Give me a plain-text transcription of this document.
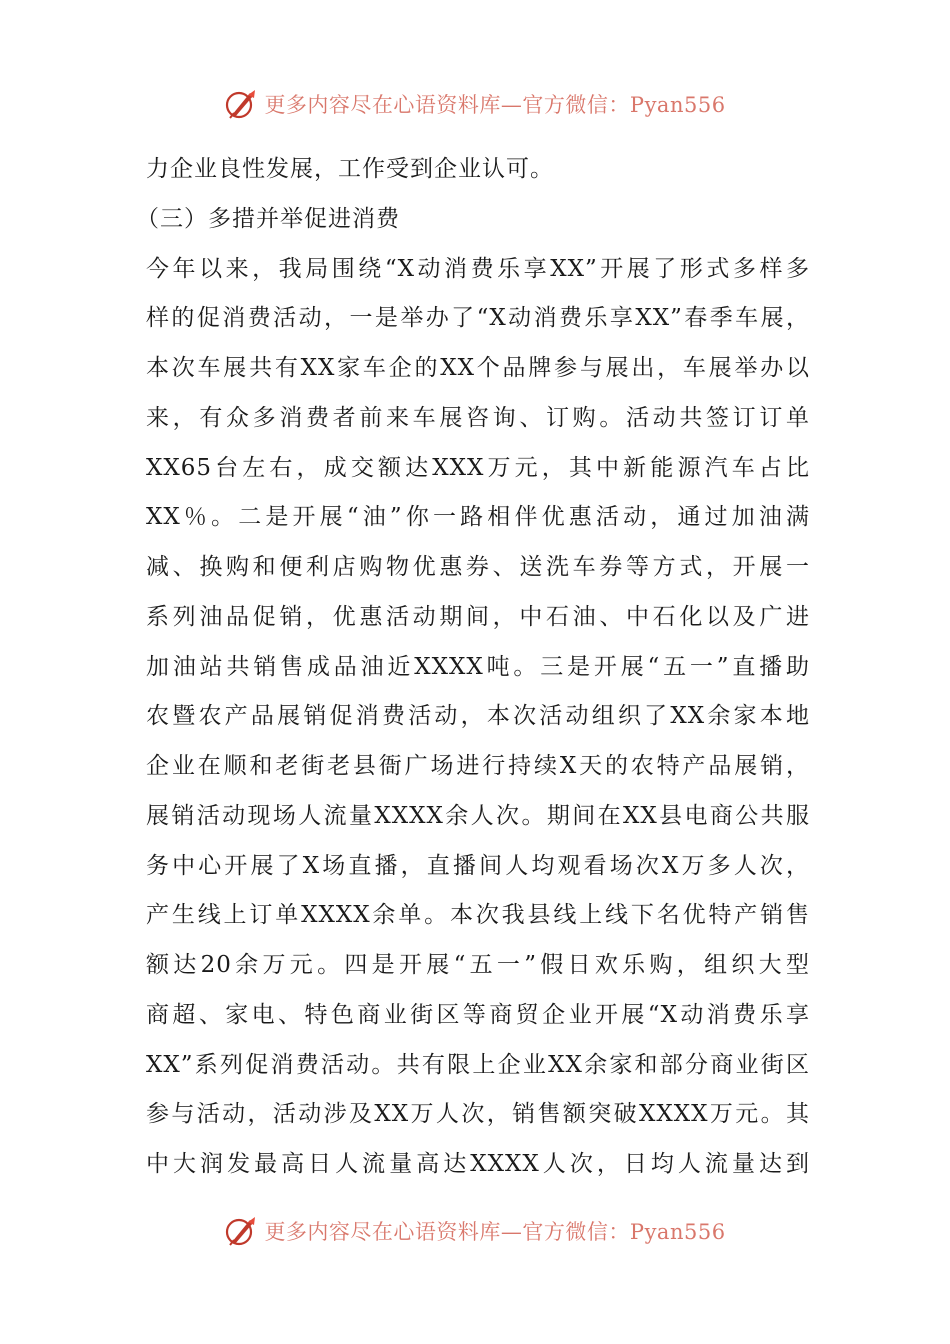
更多内容尽在心语资料库—官方微信：Pyan556
力企业良性发展，工作受到企业认可。
（三）多措并举促进消费
今年以来，我局围绕“X动消费乐享XX”开展了形式多样多
样的促消费活动，一是举办了“X动消费乐享XX”春季车展，
本次车展共有XX家车企的XX个品牌参与展出，车展举办以
来，有众多消费者前来车展咨询、订购。活动共签订订单
XX65台左右，成交额达XXX万元，其中新能源汽车占比
XX％。二是开展“油”你一路相伴优惠活动，通过加油满
减、换购和便利店购物优惠券、送洗车券等方式，开展一
系列油品促销，优惠活动期间，中石油、中石化以及广进
加油站共销售成品油近XXXX吨。三是开展“五一”直播助
农暨农产品展销促消费活动，本次活动组织了XX余家本地
企业在顺和老街老县衙广场进行持续X天的农特产品展销，
展销活动现场人流量XXXX余人次。期间在XX县电商公共服
务中心开展了X场直播，直播间人均观看场次X万多人次，
产生线上订单XXXX余单。本次我县线上线下名优特产销售
额达20余万元。四是开展“五一”假日欢乐购，组织大型
商超、家电、特色商业街区等商贸企业开展“X动消费乐享
XX”系列促消费活动。共有限上企业XX余家和部分商业街区
参与活动，活动涉及XX万人次，销售额突破XXXX万元。其
中大润发最高日人流量高达XXXX人次，日均人流量达到
更多内容尽在心语资料库—官方微信：Pyan556
